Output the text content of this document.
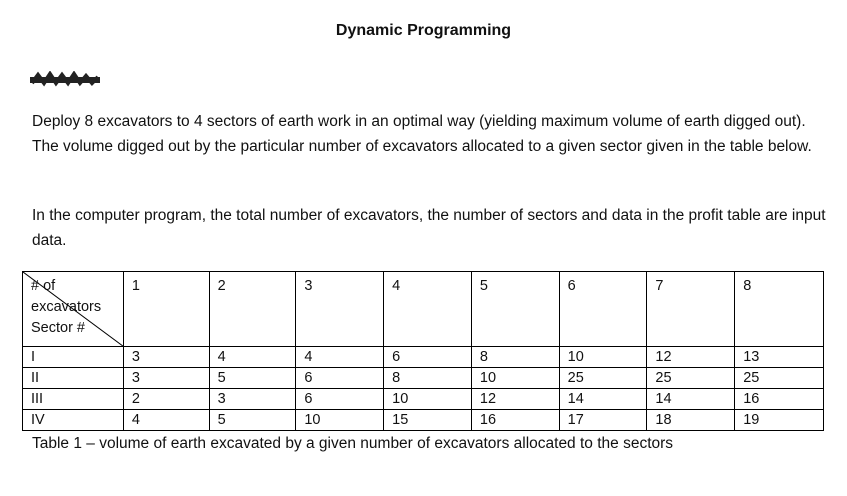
Dynamic Programming
Deploy 8 excavators to 4 sectors of earth work in an optimal way (yielding maximum volume of earth digged out). The volume digged out by the particular number of excavators allocated to a given sector given in the table below.
In the computer program, the total number of excavators, the number of sectors and data in the profit table are input data.
# of
excavators
Sector #	1	2	3	4	5	6	7	8
I	3	4	4	6	8	10	12	13
II	3	5	6	8	10	25	25	25
III	2	3	6	10	12	14	14	16
IV	4	5	10	15	16	17	18	19
Table 1 – volume of earth excavated by a given number of excavators allocated to the sectors
